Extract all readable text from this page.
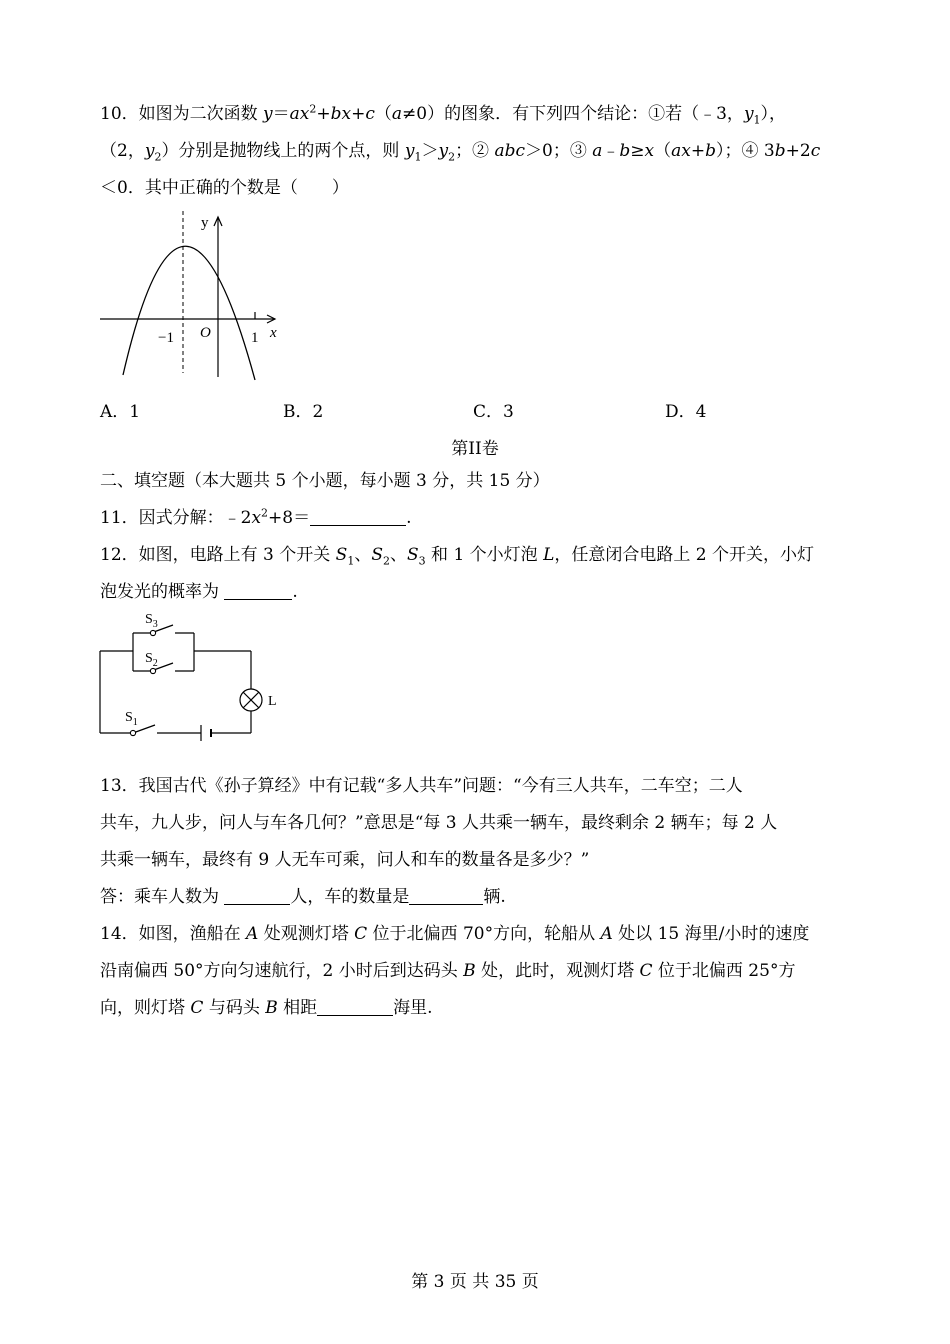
10．如图为二次函数 $y=ax^2+bx+c(a\ne 0)$的图象．有下列四个结论：①若（﹣3，$y_1$），
（2，$y_2$）分别是抛物线上的两个点，则 $y_1>y_2$；② abc＞0；③ a﹣b≥x（ax+b）；④ 3b+2c
＜0．其中正确的个数是（　　）
y
x
O
−1	1
A．1	B．2	C．3	D．4
第II卷
二、填空题（本大题共 5 个小题，每小题 3 分，共 15 分）
11．因式分解：$﹣2x^2+8=$	.
12．如图，电路上有 3 个开关 $S_1$、$S_2$、$S_3$ 和 1 个小灯泡 L，任意闭合电路上 2 个开关，小灯
泡发光的概率为	.
$S_3$
$S_2$
$S_1$
L
13．我国古代《孙子算经》中有记载“多人共车”问题：“今有三人共车，二车空；二人
共车，九人步，问人与车各几何？”意思是“每 3 人共乘一辆车，最终剩余 2 辆车；每 2 人
共乘一辆车，最终有 9 人无车可乘，问人和车的数量各是多少？”
答：乘车人数为	人，车的数量是	辆.
14．如图，渔船在 A 处观测灯塔 C 位于北偏西 70°方向，轮船从 A 处以 15 海里/小时的速度
沿南偏西 50°方向匀速航行，2 小时后到达码头 B 处，此时，观测灯塔 C 位于北偏西 25°方
向，则灯塔 C 与码头 B 相距	海里.
第 3 页 共 35 页
